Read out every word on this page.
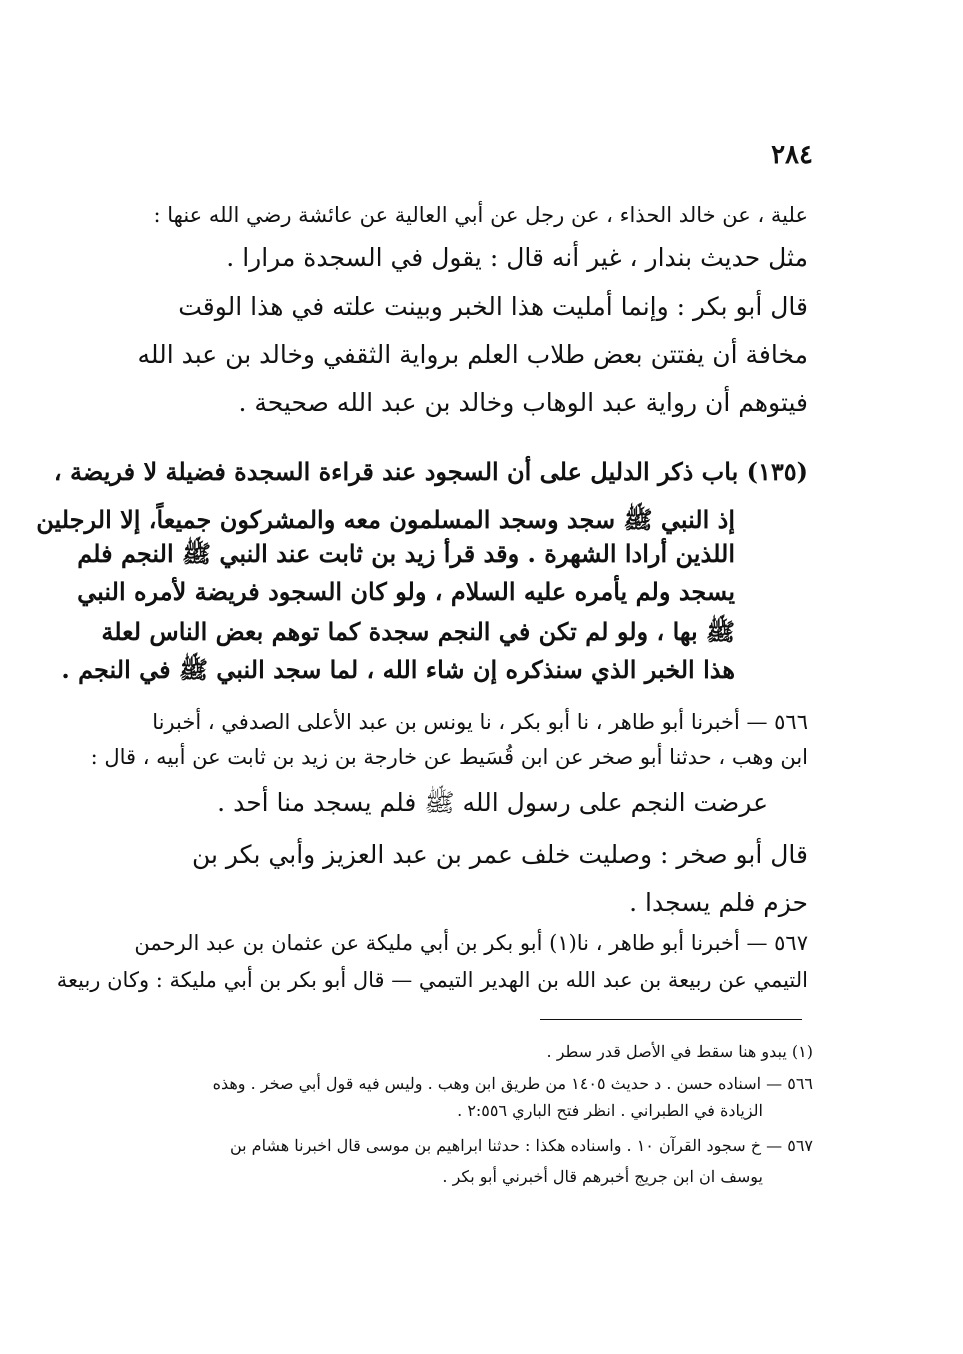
٢٨٤
علية ، عن خالد الحذاء ، عن رجل عن أبي العالية عن عائشة رضي الله عنها :
مثل حديث بندار ، غير أنه قال : يقول في السجدة مرارا .
قال أبو بكر : وإنما أمليت هذا الخبر وبينت علته في هذا الوقت
مخافة أن يفتتن بعض طلاب العلم برواية الثقفي وخالد بن عبد الله
فيتوهم أن رواية عبد الوهاب وخالد بن عبد الله صحيحة .
(١٣٥) باب ذكر الدليل على أن السجود عند قراءة السجدة فضيلة لا فريضة ،
إذ النبي ﷺ سجد وسجد المسلمون معه والمشركون جميعاً، إلا الرجلين
اللذين أرادا الشهرة . وقد قرأ زيد بن ثابت عند النبي ﷺ النجم فلم
يسجد ولم يأمره عليه السلام ، ولو كان السجود فريضة لأمره النبي
ﷺ بها ، ولو لم تكن في النجم سجدة كما توهم بعض الناس لعلة
هذا الخبر الذي سنذكره إن شاء الله ، لما سجد النبي ﷺ في النجم .
٥٦٦ — أخبرنا أبو طاهر ، نا أبو بكر ، نا يونس بن عبد الأعلى الصدفي ، أخبرنا
ابن وهب ، حدثنا أبو صخر عن ابن قُسَيط عن خارجة بن زيد بن ثابت عن أبيه ، قال :
عرضت النجم على رسول الله ﷺ فلم يسجد منا أحد .
قال أبو صخر : وصليت خلف عمر بن عبد العزيز وأبي بكر بن
حزم فلم يسجدا .
٥٦٧ — أخبرنا أبو طاهر ، نا(١) أبو بكر بن أبي مليكة عن عثمان بن عبد الرحمن
التيمي عن ربيعة بن عبد الله بن الهدير التيمي — قال أبو بكر بن أبي مليكة : وكان ربيعة
(١) يبدو هنا سقط في الأصل قدر سطر .
٥٦٦ — اسناده حسن . د حديث ١٤٠٥ من طريق ابن وهب . وليس فيه قول أبي صخر . وهذه
الزيادة في الطبراني . انظر فتح الباري ٢:٥٥٦ .
٥٦٧ — خ سجود القرآن ١٠ . واسناده هكذا : حدثنا ابراهيم بن موسى قال اخبرنا هشام بن
يوسف ان ابن جريج أخبرهم قال أخبرني أبو بكر .
